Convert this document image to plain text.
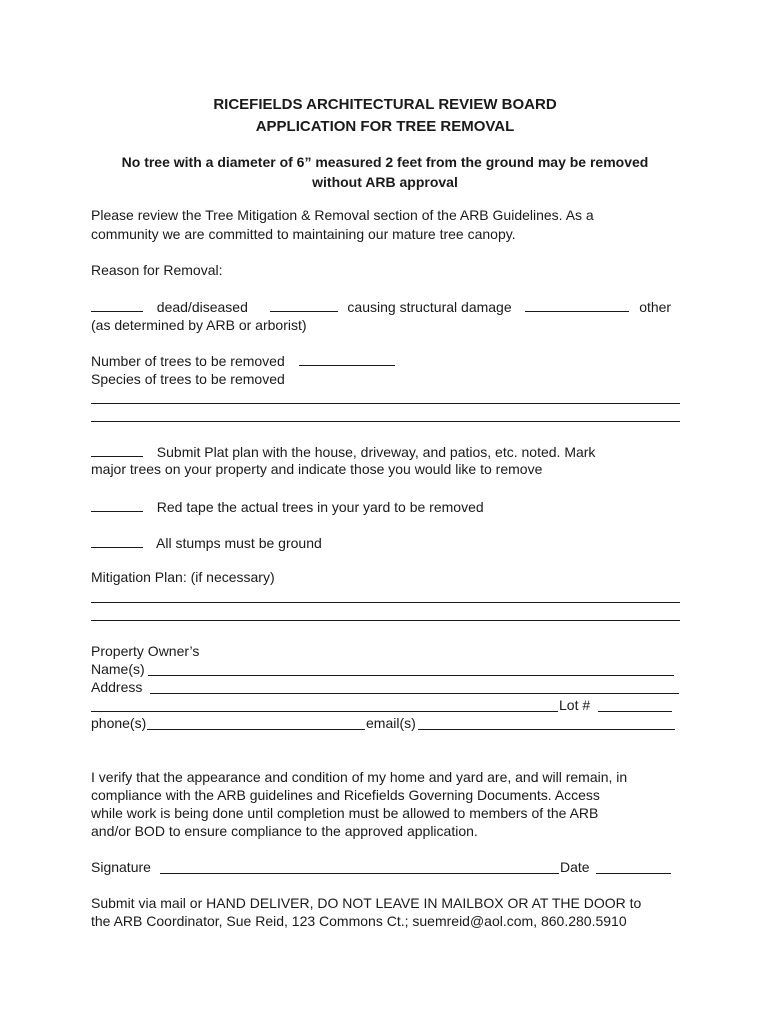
RICEFIELDS ARCHITECTURAL REVIEW BOARD
APPLICATION FOR TREE REMOVAL
No tree with a diameter of 6” measured 2 feet from the ground may be removed
without ARB approval
Please review the Tree Mitigation & Removal section of the ARB Guidelines. As a
community we are committed to maintaining our mature tree canopy.
Reason for Removal:
dead/diseased	causing structural damage	other
(as determined by ARB or arborist)
Number of trees to be removed
Species of trees to be removed
Submit Plat plan with the house, driveway, and patios, etc. noted. Mark
major trees on your property and indicate those you would like to remove
Red tape the actual trees in your yard to be removed
All stumps must be ground
Mitigation Plan: (if necessary)
Property Owner’s
Name(s)
Address
Lot #
phone(s)	email(s)
I verify that the appearance and condition of my home and yard are, and will remain, in
compliance with the ARB guidelines and Ricefields Governing Documents. Access
while work is being done until completion must be allowed to members of the ARB
and/or BOD to ensure compliance to the approved application.
Signature	Date
Submit via mail or HAND DELIVER, DO NOT LEAVE IN MAILBOX OR AT THE DOOR to
the ARB Coordinator, Sue Reid, 123 Commons Ct.; suemreid@aol.com, 860.280.5910
